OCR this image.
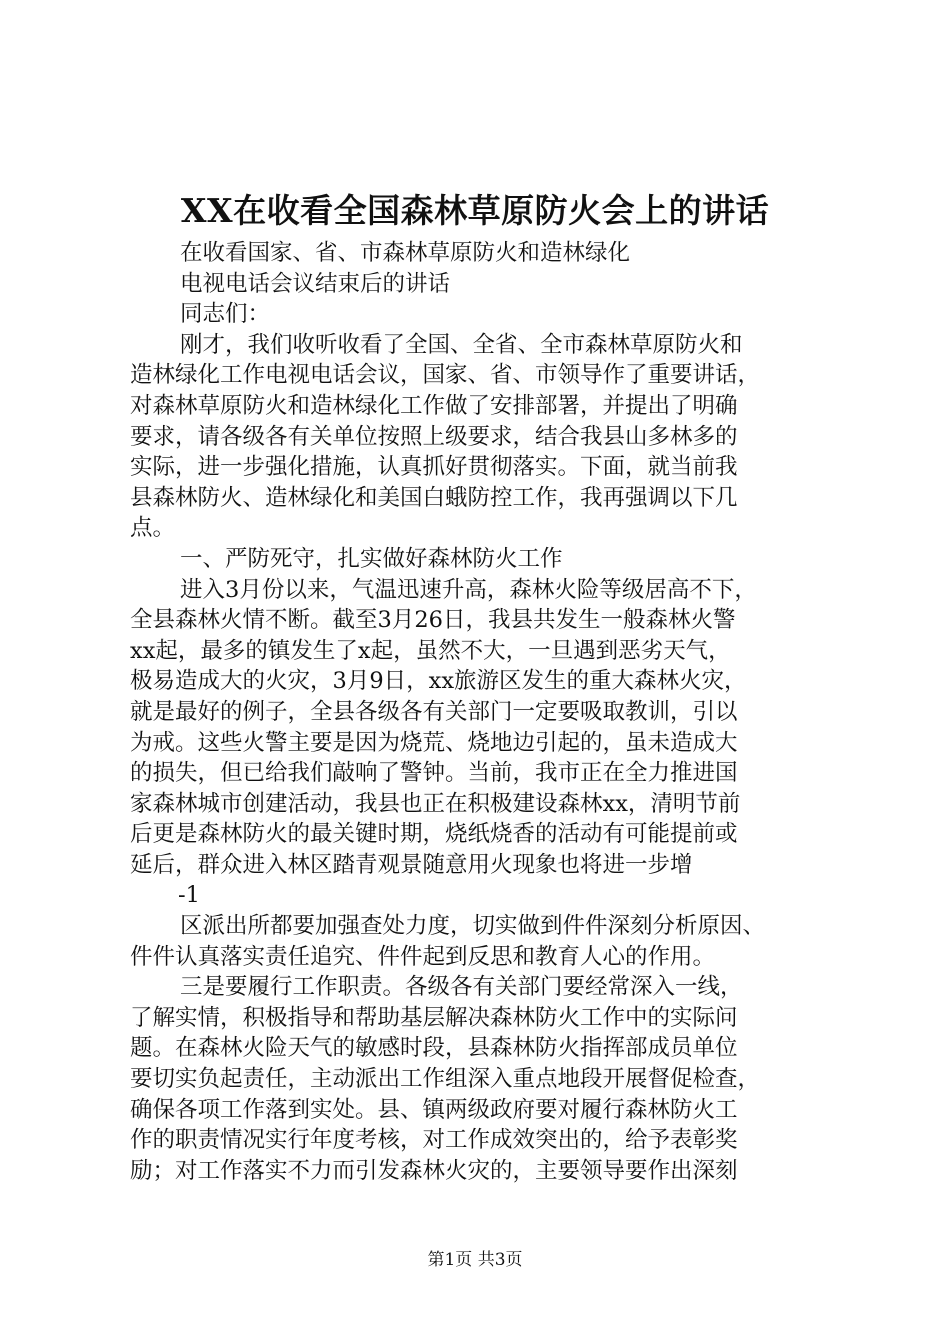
XX在收看全国森林草原防火会上的讲话
在收看国家、省、市森林草原防火和造林绿化
电视电话会议结束后的讲话
同志们：
刚才，我们收听收看了全国、全省、全市森林草原防火和
造林绿化工作电视电话会议，国家、省、市领导作了重要讲话，
对森林草原防火和造林绿化工作做了安排部署，并提出了明确
要求，请各级各有关单位按照上级要求，结合我县山多林多的
实际，进一步强化措施，认真抓好贯彻落实。下面，就当前我
县森林防火、造林绿化和美国白蛾防控工作，我再强调以下几
点。
一、严防死守，扎实做好森林防火工作
进入3月份以来，气温迅速升高，森林火险等级居高不下，
全县森林火情不断。截至3月26日，我县共发生一般森林火警
xx起，最多的镇发生了x起，虽然不大，一旦遇到恶劣天气，
极易造成大的火灾，3月9日，xx旅游区发生的重大森林火灾，
就是最好的例子，全县各级各有关部门一定要吸取教训，引以
为戒。这些火警主要是因为烧荒、烧地边引起的，虽未造成大
的损失，但已给我们敲响了警钟。当前，我市正在全力推进国
家森林城市创建活动，我县也正在积极建设森林xx，清明节前
后更是森林防火的最关键时期，烧纸烧香的活动有可能提前或
延后，群众进入林区踏青观景随意用火现象也将进一步增
-1
区派出所都要加强查处力度，切实做到件件深刻分析原因、
件件认真落实责任追究、件件起到反思和教育人心的作用。
三是要履行工作职责。各级各有关部门要经常深入一线，
了解实情，积极指导和帮助基层解决森林防火工作中的实际问
题。在森林火险天气的敏感时段，县森林防火指挥部成员单位
要切实负起责任，主动派出工作组深入重点地段开展督促检查，
确保各项工作落到实处。县、镇两级政府要对履行森林防火工
作的职责情况实行年度考核，对工作成效突出的，给予表彰奖
励；对工作落实不力而引发森林火灾的，主要领导要作出深刻
第1页 共3页
